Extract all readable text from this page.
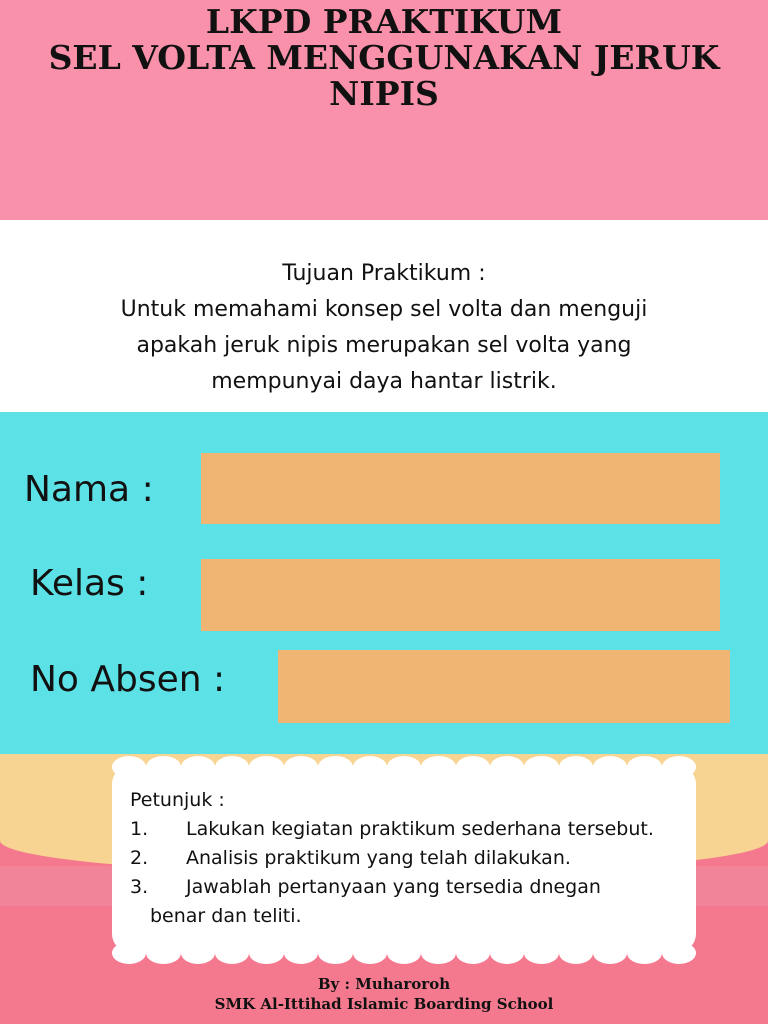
LKPD PRAKTIKUM
SEL VOLTA MENGGUNAKAN JERUK
NIPIS
Tujuan Praktikum :
Untuk memahami konsep sel volta dan menguji
apakah jeruk nipis merupakan sel volta yang
mempunyai daya hantar listrik.
Nama :
Kelas :
No Absen :
Petunjuk :
1. Lakukan kegiatan praktikum sederhana tersebut.
2. Analisis praktikum yang telah dilakukan.
3. Jawablah pertanyaan yang tersedia dnegan
benar dan teliti.
By : Muharoroh
SMK Al-Ittihad Islamic Boarding School
